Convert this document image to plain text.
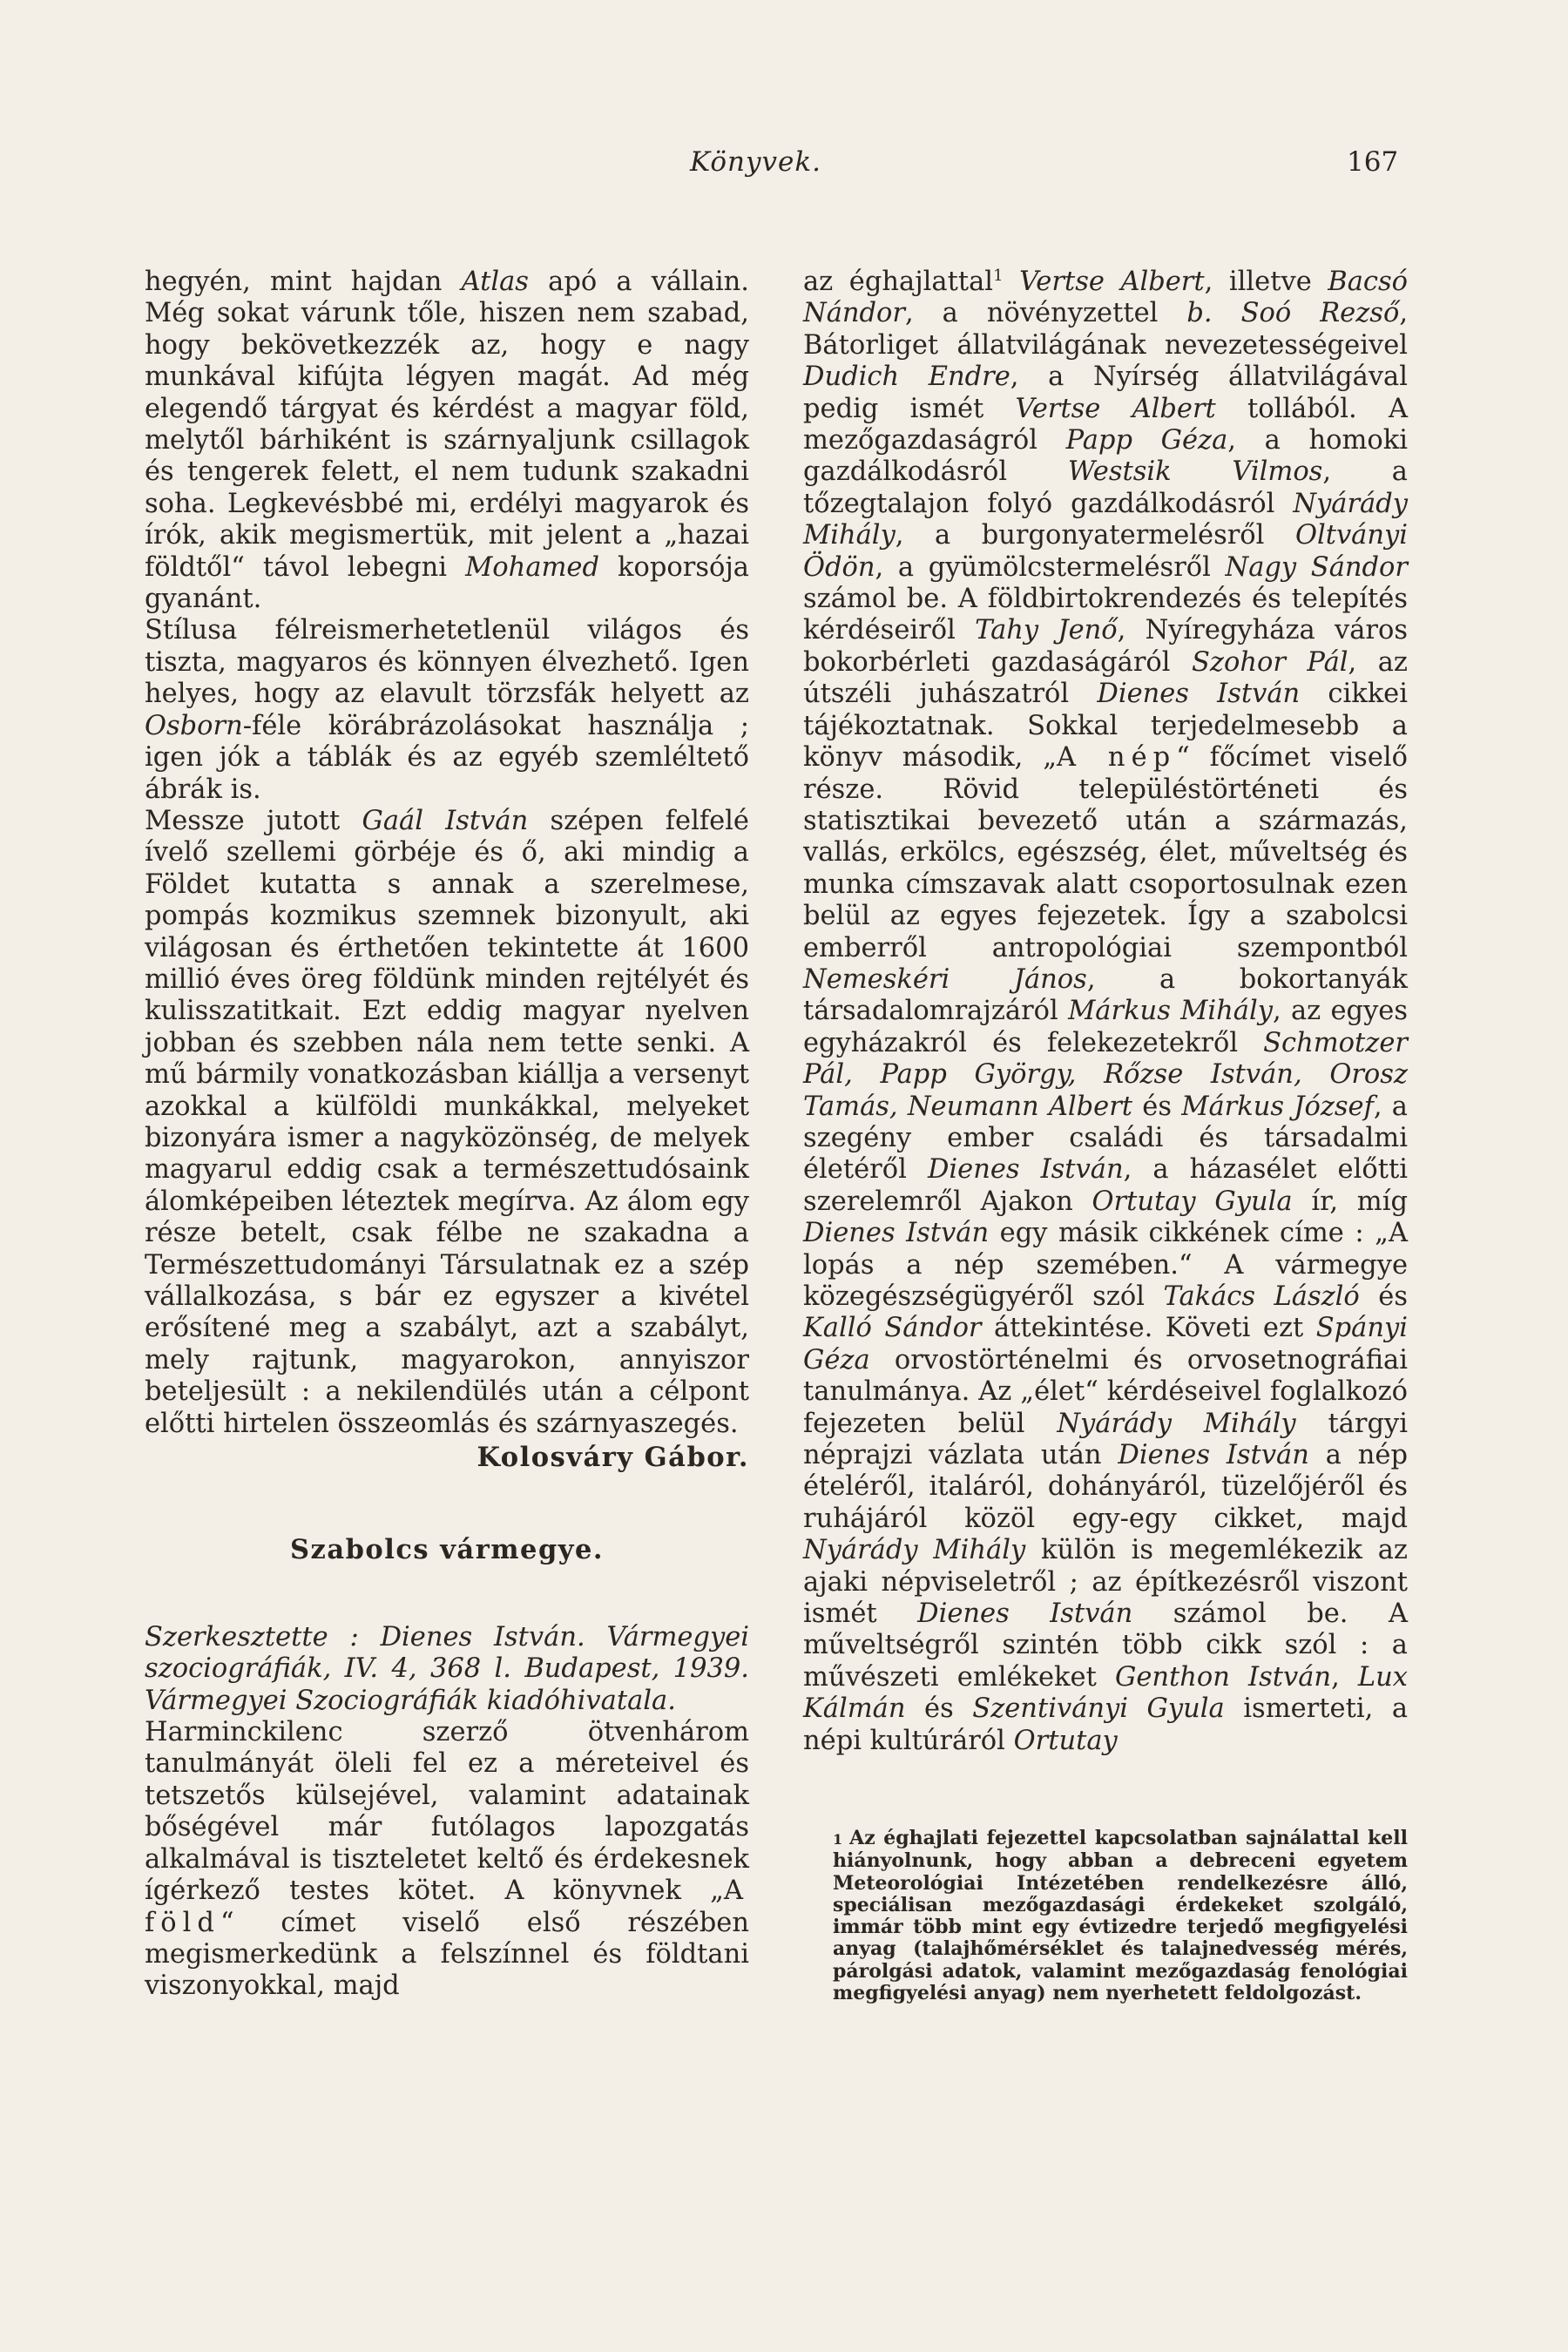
Könyvek.	167

hegyén, mint hajdan Atlas apó a vállain. Még sokat várunk tőle, hiszen nem szabad, hogy bekövetkezzék az, hogy e nagy munkával kifújta légyen magát. Ad még elegendő tárgyat és kérdést a magyar föld, melytől bárhiként is szárnyaljunk csillagok és tengerek felett, el nem tudunk szakadni soha. Legkevésbbé mi, erdélyi magyarok és írók, akik megismertük, mit jelent a „hazai földtől“ távol lebegni Mohamed koporsója gyanánt.

Stílusa félreismerhetetlenül világos és tiszta, magyaros és könnyen élvezhető. Igen helyes, hogy az elavult törzsfák helyett az Osborn-féle körábrázolásokat használja ; igen jók a táblák és az egyéb szemléltető ábrák is.

Messze jutott Gaál István szépen felfelé ívelő szellemi görbéje és ő, aki mindig a Földet kutatta s annak a szerelmese, pompás kozmikus szemnek bizonyult, aki világosan és érthetően tekintette át 1600 millió éves öreg földünk minden rejtélyét és kulisszatitkait. Ezt eddig magyar nyelven jobban és szebben nála nem tette senki. A mű bármily vonatkozásban kiállja a versenyt azokkal a külföldi munkákkal, melyeket bizonyára ismer a nagyközönség, de melyek magyarul eddig csak a természettudósaink álomképeiben léteztek megírva. Az álom egy része betelt, csak félbe ne szakadna a Természettudományi Társulatnak ez a szép vállalkozása, s bár ez egyszer a kivétel erősítené meg a szabályt, azt a szabályt, mely rajtunk, magyarokon, annyiszor beteljesült : a nekilendülés után a célpont előtti hirtelen összeomlás és szárnyaszegés.

Kolosváry Gábor.
Szabolcs vármegye.

Szerkesztette : Dienes István. Vármegyei szociográfiák, IV. 4, 368 l. Budapest, 1939. Vármegyei Szociográfiák kiadóhivatala.

Harminckilenc szerző ötvenhárom tanulmányát öleli fel ez a méreteivel és tetszetős külsejével, valamint adatainak bőségével már futólagos lapozgatás alkalmával is tiszteletet keltő és érdekesnek ígérkező testes kötet. A könyvnek „A föld“ címet viselő első részében megismerkedünk a felszínnel és földtani viszonyokkal, majd

az éghajlattal$^1$ Vertse Albert, illetve Bacsó Nándor, a növényzettel b. Soó Rezső, Bátorliget állatvilágának nevezetességeivel Dudich Endre, a Nyírség állatvilágával pedig ismét Vertse Albert tollából. A mezőgazdaságról Papp Géza, a homoki gazdálkodásról Westsik Vilmos, a tőzegtalajon folyó gazdálkodásról Nyárády Mihály, a burgonyatermelésről Oltványi Ödön, a gyümölcstermelésről Nagy Sándor számol be. A földbirtokrendezés és telepítés kérdéseiről Tahy Jenő, Nyíregyháza város bokorbérleti gazdaságáról Szohor Pál, az útszéli juhászatról Dienes István cikkei tájékoztatnak. Sokkal terjedelmesebb a könyv második, „A nép“ főcímet viselő része. Rövid településtörténeti és statisztikai bevezető után a származás, vallás, erkölcs, egészség, élet, műveltség és munka címszavak alatt csoportosulnak ezen belül az egyes fejezetek. Így a szabolcsi emberről antropológiai szempontból Nemeskéri János, a bokortanyák társadalomrajzáról Márkus Mihály, az egyes egyházakról és felekezetekről Schmotzer Pál, Papp György, Rőzse István, Orosz Tamás, Neumann Albert és Márkus József, a szegény ember családi és társadalmi életéről Dienes István, a házasélet előtti szerelemről Ajakon Ortutay Gyula ír, míg Dienes István egy másik cikkének címe : „A lopás a nép szemében.“ A vármegye közegészségügyéről szól Takács László és Kalló Sándor áttekintése. Követi ezt Spányi Géza orvostörténelmi és orvosetnográfiai tanulmánya. Az „élet“ kérdéseivel foglalkozó fejezeten belül Nyárády Mihály tárgyi néprajzi vázlata után Dienes István a nép ételéről, italáról, dohányáról, tüzelőjéről és ruhájáról közöl egy-egy cikket, majd Nyárády Mihály külön is megemlékezik az ajaki népviseletről ; az építkezésről viszont ismét Dienes István számol be. A műveltségről szintén több cikk szól : a művészeti emlékeket Genthon István, Lux Kálmán és Szentiványi Gyula ismerteti, a népi kultúráról Ortutay

1 Az éghajlati fejezettel kapcsolatban sajnálattal kell hiányolnunk, hogy abban a debreceni egyetem Meteorológiai Intézetében rendelkezésre álló, speciálisan mezőgazdasági érdekeket szolgáló, immár több mint egy évtizedre terjedő megfigyelési anyag (talajhőmérséklet és talajnedvesség mérés, párolgási adatok, valamint mezőgazdaság fenológiai megfigyelési anyag) nem nyerhetett feldolgozást.
